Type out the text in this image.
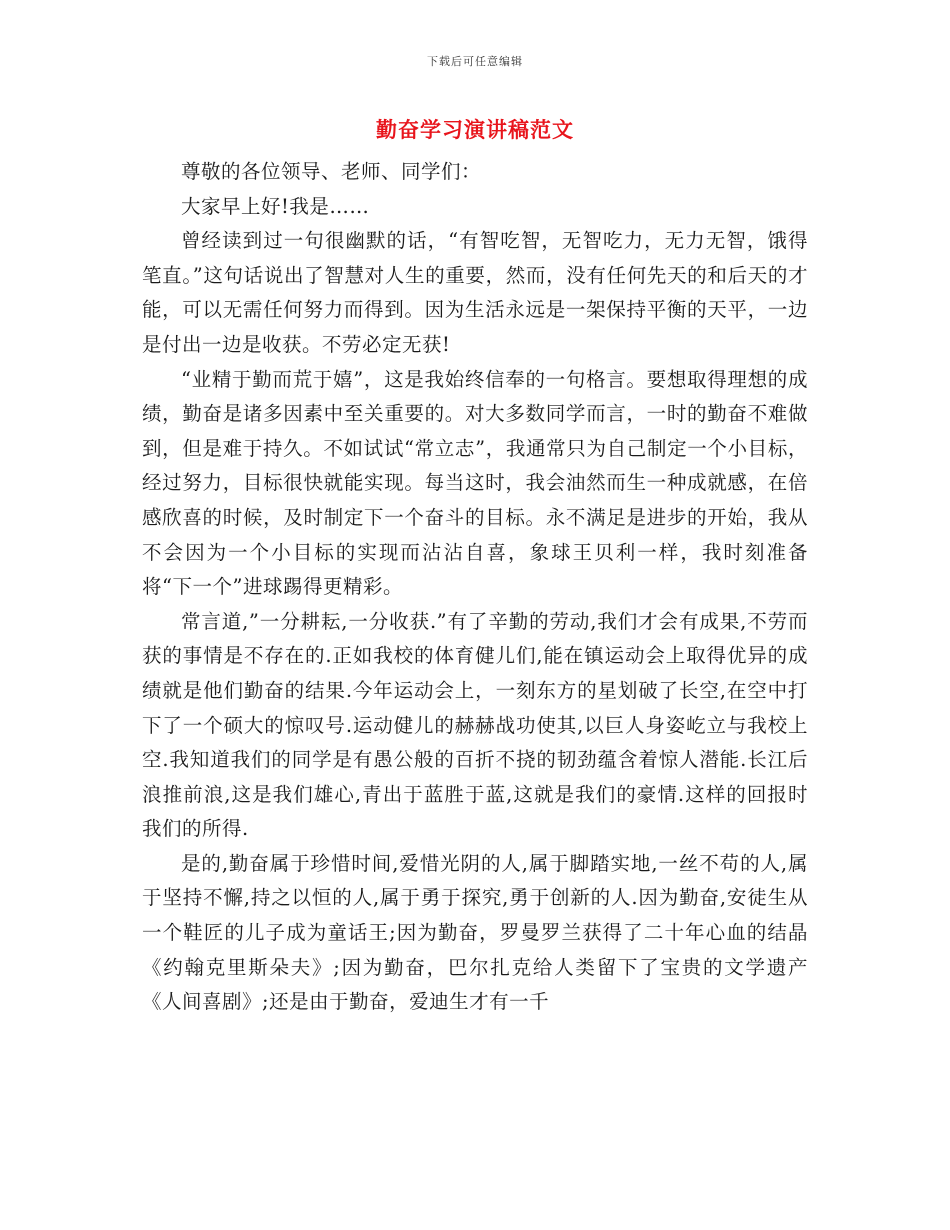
下载后可任意编辑
勤奋学习演讲稿范文

尊敬的各位领导、老师、同学们：

大家早上好!我是……

曾经读到过一句很幽默的话，“有智吃智，无智吃力，无力无智，饿得笔直。”这句话说出了智慧对人生的重要，然而，没有任何先天的和后天的才能，可以无需任何努力而得到。因为生活永远是一架保持平衡的天平，一边是付出一边是收获。不劳必定无获!

“业精于勤而荒于嬉”，这是我始终信奉的一句格言。要想取得理想的成绩，勤奋是诸多因素中至关重要的。对大多数同学而言，一时的勤奋不难做到，但是难于持久。不如试试“常立志”，我通常只为自己制定一个小目标，经过努力，目标很快就能实现。每当这时，我会油然而生一种成就感，在倍感欣喜的时候，及时制定下一个奋斗的目标。永不满足是进步的开始，我从不会因为一个小目标的实现而沾沾自喜，象球王贝利一样，我时刻准备将“下一个”进球踢得更精彩。

常言道,”一分耕耘,一分收获.”有了辛勤的劳动,我们才会有成果,不劳而获的事情是不存在的.正如我校的体育健儿们,能在镇运动会上取得优异的成绩就是他们勤奋的结果.今年运动会上，一刻东方的星划破了长空,在空中打下了一个硕大的惊叹号.运动健儿的赫赫战功使其,以巨人身姿屹立与我校上空.我知道我们的同学是有愚公般的百折不挠的韧劲蕴含着惊人潜能.长江后浪推前浪,这是我们雄心,青出于蓝胜于蓝,这就是我们的豪情.这样的回报时我们的所得.

是的,勤奋属于珍惜时间,爱惜光阴的人,属于脚踏实地,一丝不苟的人,属于坚持不懈,持之以恒的人,属于勇于探究,勇于创新的人.因为勤奋,安徒生从一个鞋匠的儿子成为童话王;因为勤奋，罗曼罗兰获得了二十年心血的结晶《约翰克里斯朵夫》;因为勤奋，巴尔扎克给人类留下了宝贵的文学遗产《人间喜剧》;还是由于勤奋，爱迪生才有一千
